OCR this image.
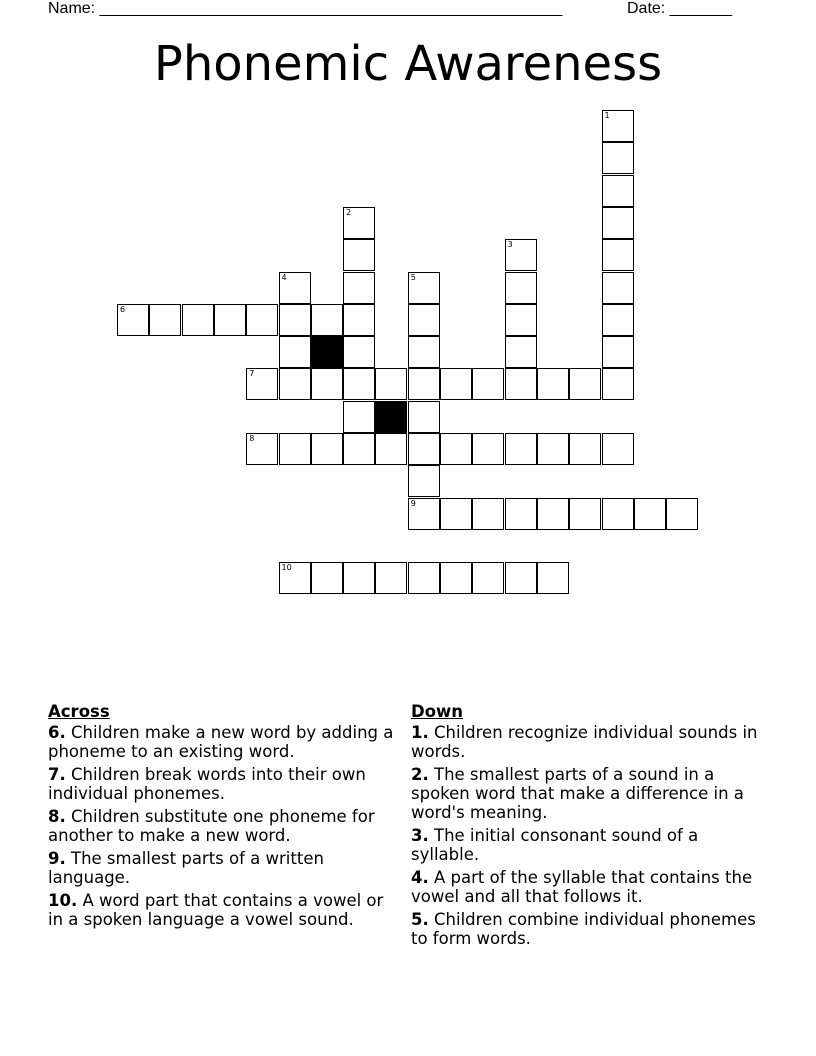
Name: ____________________________________________________	Date: _______
Phonemic Awareness
1
2
3
4	5
6
7
8
9
10
Across
6. Children make a new word by adding a phoneme to an existing word.
7. Children break words into their own individual phonemes.
8. Children substitute one phoneme for another to make a new word.
9. The smallest parts of a written language.
10. A word part that contains a vowel or in a spoken language a vowel sound.
Down
1. Children recognize individual sounds in words.
2. The smallest parts of a sound in a spoken word that make a difference in a word's meaning.
3. The initial consonant sound of a syllable.
4. A part of the syllable that contains the vowel and all that follows it.
5. Children combine individual phonemes to form words.
